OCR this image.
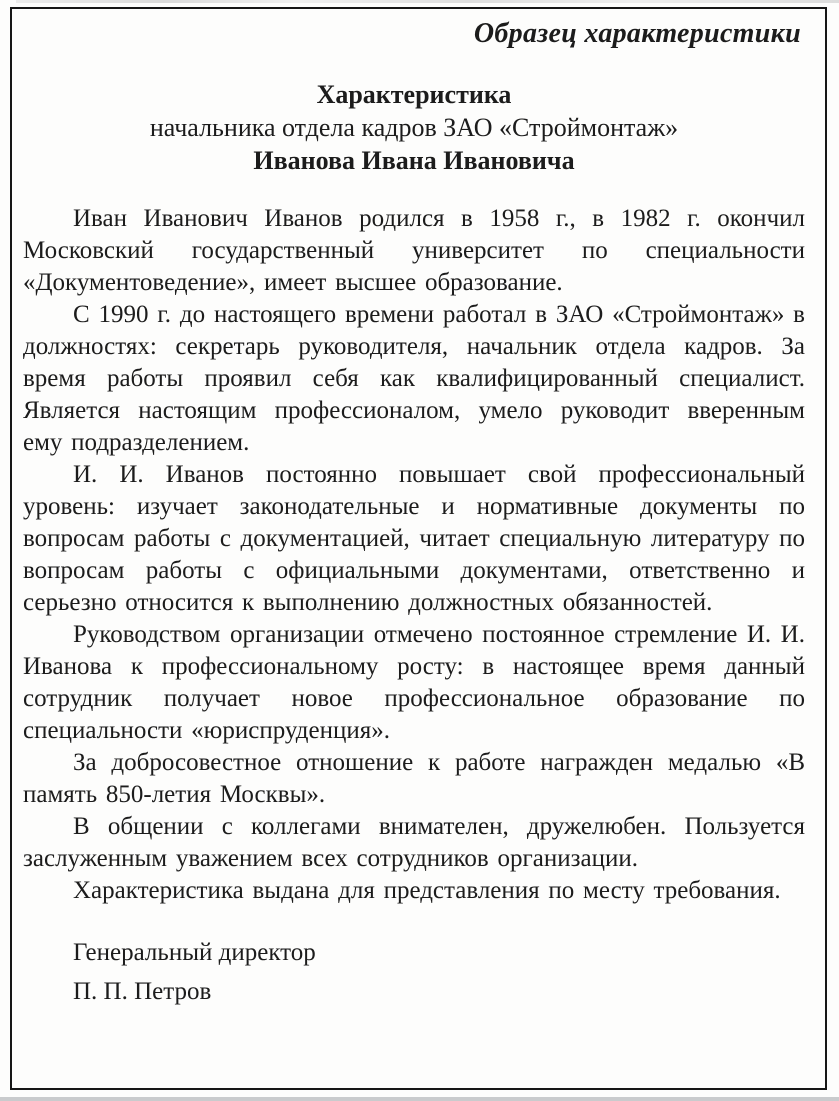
Образец характеристики
Характеристика
начальника отдела кадров ЗАО «Строймонтаж»
Иванова Ивана Ивановича

Иван Иванович Иванов родился в 1958 г., в 1982 г. окончил Московский государственный университет по специальности «Документоведение», имеет высшее образование.

С 1990 г. до настоящего времени работал в ЗАО «Строймонтаж» в должностях: секретарь руководителя, начальник отдела кадров. За время работы проявил себя как квалифицированный специалист. Является настоящим профессионалом, умело руководит вверенным ему подразделением.

И. И. Иванов постоянно повышает свой профессиональный уровень: изучает законодательные и нормативные документы по вопросам работы с документацией, читает специальную литературу по вопросам работы с официальными документами, ответственно и серьезно относится к выполнению должностных обязанностей.

Руководством организации отмечено постоянное стремление И. И. Иванова к профессиональному росту: в настоящее время данный сотрудник получает новое профессиональное образование по специальности «юриспруденция».

За добросовестное отношение к работе награжден медалью «В память 850-летия Москвы».

В общении с коллегами внимателен, дружелюбен. Пользуется заслуженным уважением всех сотрудников организации.

Характеристика выдана для представления по месту требования.

Генеральный директор
П. П. Петров
